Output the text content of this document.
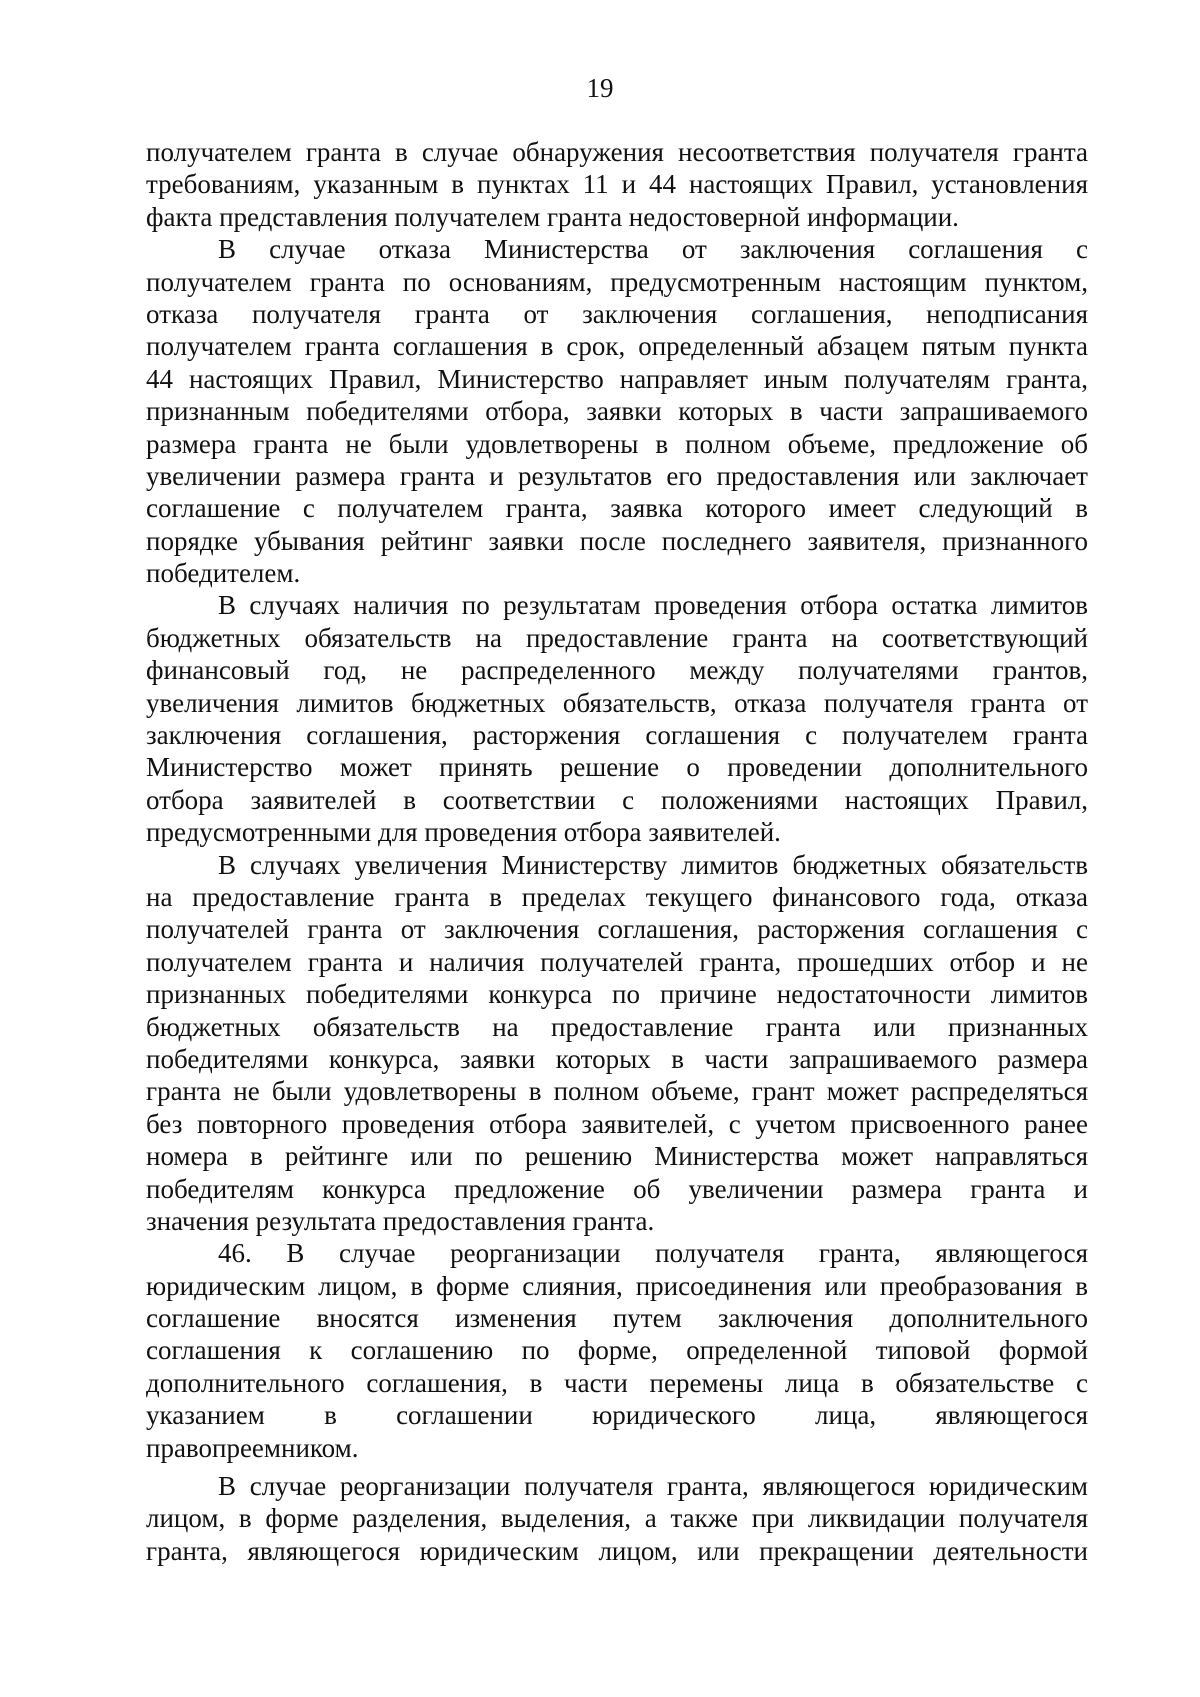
19
получателем гранта в случае обнаружения несоответствия получателя гранта
требованиям, указанным в пунктах 11 и 44 настоящих Правил, установления
факта представления получателем гранта недостоверной информации.
В случае отказа Министерства от заключения соглашения с
получателем гранта по основаниям, предусмотренным настоящим пунктом,
отказа получателя гранта от заключения соглашения, неподписания
получателем гранта соглашения в срок, определенный абзацем пятым пункта
44 настоящих Правил, Министерство направляет иным получателям гранта,
признанным победителями отбора, заявки которых в части запрашиваемого
размера гранта не были удовлетворены в полном объеме, предложение об
увеличении размера гранта и результатов его предоставления или заключает
соглашение с получателем гранта, заявка которого имеет следующий в
порядке убывания рейтинг заявки после последнего заявителя, признанного
победителем.
В случаях наличия по результатам проведения отбора остатка лимитов
бюджетных обязательств на предоставление гранта на соответствующий
финансовый год, не распределенного между получателями грантов,
увеличения лимитов бюджетных обязательств, отказа получателя гранта от
заключения соглашения, расторжения соглашения с получателем гранта
Министерство может принять решение о проведении дополнительного
отбора заявителей в соответствии с положениями настоящих Правил,
предусмотренными для проведения отбора заявителей.
В случаях увеличения Министерству лимитов бюджетных обязательств
на предоставление гранта в пределах текущего финансового года, отказа
получателей гранта от заключения соглашения, расторжения соглашения с
получателем гранта и наличия получателей гранта, прошедших отбор и не
признанных победителями конкурса по причине недостаточности лимитов
бюджетных обязательств на предоставление гранта или признанных
победителями конкурса, заявки которых в части запрашиваемого размера
гранта не были удовлетворены в полном объеме, грант может распределяться
без повторного проведения отбора заявителей, с учетом присвоенного ранее
номера в рейтинге или по решению Министерства может направляться
победителям конкурса предложение об увеличении размера гранта и
значения результата предоставления гранта.
46. В случае реорганизации получателя гранта, являющегося
юридическим лицом, в форме слияния, присоединения или преобразования в
соглашение вносятся изменения путем заключения дополнительного
соглашения к соглашению по форме, определенной типовой формой
дополнительного соглашения, в части перемены лица в обязательстве с
указанием в соглашении юридического лица, являющегося
правопреемником.
В случае реорганизации получателя гранта, являющегося юридическим
лицом, в форме разделения, выделения, а также при ликвидации получателя
гранта, являющегося юридическим лицом, или прекращении деятельности
